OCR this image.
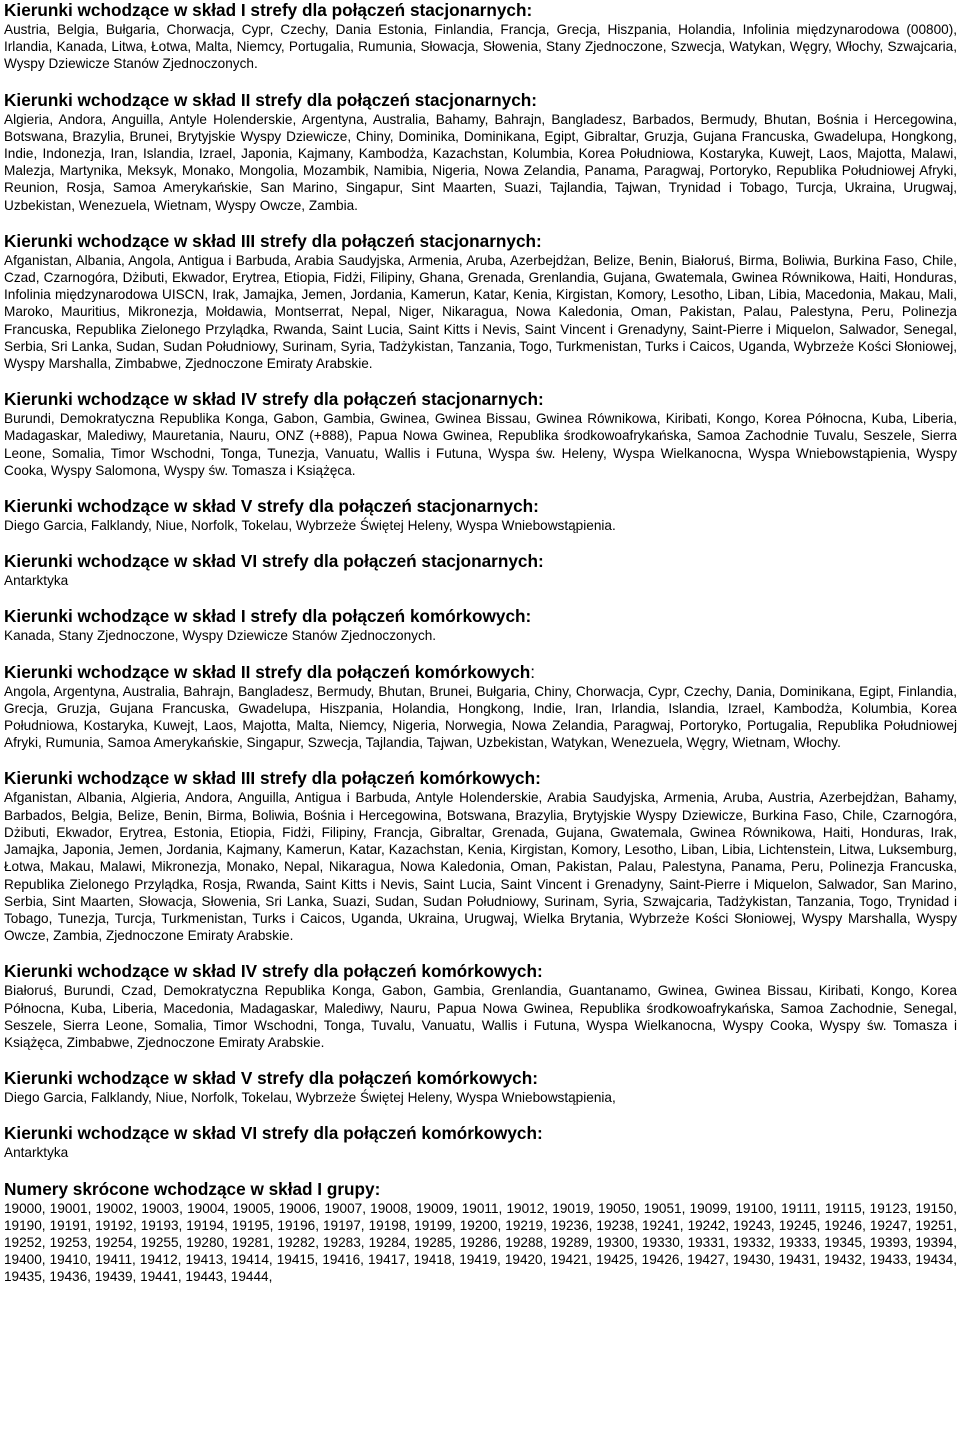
Kierunki wchodzące w skład I strefy dla połączeń stacjonarnych:

Austria, Belgia, Bułgaria, Chorwacja, Cypr, Czechy, Dania Estonia, Finlandia, Francja, Grecja, Hiszpania, Holandia, Infolinia międzynarodowa (00800), Irlandia, Kanada, Litwa, Łotwa, Malta, Niemcy, Portugalia, Rumunia, Słowacja, Słowenia, Stany Zjednoczone, Szwecja, Watykan, Węgry, Włochy, Szwajcaria, Wyspy Dziewicze Stanów Zjednoczonych.

Kierunki wchodzące w skład II strefy dla połączeń stacjonarnych:

Algieria, Andora, Anguilla, Antyle Holenderskie, Argentyna, Australia, Bahamy, Bahrajn, Bangladesz, Barbados, Bermudy, Bhutan, Bośnia i Hercegowina, Botswana, Brazylia, Brunei, Brytyjskie Wyspy Dziewicze, Chiny, Dominika, Dominikana, Egipt, Gibraltar, Gruzja, Gujana Francuska, Gwadelupa, Hongkong, Indie, Indonezja, Iran, Islandia, Izrael, Japonia, Kajmany, Kambodża, Kazachstan, Kolumbia, Korea Południowa, Kostaryka, Kuwejt, Laos, Majotta, Malawi, Malezja, Martynika, Meksyk, Monako, Mongolia, Mozambik, Namibia, Nigeria, Nowa Zelandia, Panama, Paragwaj, Portoryko, Republika Południowej Afryki, Reunion, Rosja, Samoa Amerykańskie, San Marino, Singapur, Sint Maarten, Suazi, Tajlandia, Tajwan, Trynidad i Tobago, Turcja, Ukraina, Urugwaj, Uzbekistan, Wenezuela, Wietnam, Wyspy Owcze, Zambia.

Kierunki wchodzące w skład III strefy dla połączeń stacjonarnych:

Afganistan, Albania, Angola, Antigua i Barbuda, Arabia Saudyjska, Armenia, Aruba, Azerbejdżan, Belize, Benin, Białoruś, Birma, Boliwia, Burkina Faso, Chile, Czad, Czarnogóra, Dżibuti, Ekwador, Erytrea, Etiopia, Fidżi, Filipiny, Ghana, Grenada, Grenlandia, Gujana, Gwatemala, Gwinea Równikowa, Haiti, Honduras, Infolinia międzynarodowa UISCN, Irak, Jamajka, Jemen, Jordania, Kamerun, Katar, Kenia, Kirgistan, Komory, Lesotho, Liban, Libia, Macedonia, Makau, Mali, Maroko, Mauritius, Mikronezja, Mołdawia, Montserrat, Nepal, Niger, Nikaragua, Nowa Kaledonia, Oman, Pakistan, Palau, Palestyna, Peru, Polinezja Francuska, Republika Zielonego Przylądka, Rwanda, Saint Lucia, Saint Kitts i Nevis, Saint Vincent i Grenadyny, Saint-Pierre i Miquelon, Salwador, Senegal, Serbia, Sri Lanka, Sudan, Sudan Południowy, Surinam, Syria, Tadżykistan, Tanzania, Togo, Turkmenistan, Turks i Caicos, Uganda, Wybrzeże Kości Słoniowej, Wyspy Marshalla, Zimbabwe, Zjednoczone Emiraty Arabskie.

Kierunki wchodzące w skład IV strefy dla połączeń stacjonarnych:

Burundi, Demokratyczna Republika Konga, Gabon, Gambia, Gwinea, Gwinea Bissau, Gwinea Równikowa, Kiribati, Kongo, Korea Północna, Kuba, Liberia, Madagaskar, Malediwy, Mauretania, Nauru, ONZ (+888), Papua Nowa Gwinea, Republika środkowoafrykańska, Samoa Zachodnie Tuvalu, Seszele, Sierra Leone, Somalia, Timor Wschodni, Tonga, Tunezja, Vanuatu, Wallis i Futuna, Wyspa św. Heleny, Wyspa Wielkanocna, Wyspa Wniebowstąpienia, Wyspy Cooka, Wyspy Salomona, Wyspy św. Tomasza i Książęca.

Kierunki wchodzące w skład V strefy dla połączeń stacjonarnych:

Diego Garcia, Falklandy, Niue, Norfolk, Tokelau, Wybrzeże Świętej Heleny, Wyspa Wniebowstąpienia.

Kierunki wchodzące w skład VI strefy dla połączeń stacjonarnych:

Antarktyka

Kierunki wchodzące w skład I strefy dla połączeń komórkowych:

Kanada, Stany Zjednoczone, Wyspy Dziewicze Stanów Zjednoczonych.

Kierunki wchodzące w skład II strefy dla połączeń komórkowych:

Angola, Argentyna, Australia, Bahrajn, Bangladesz, Bermudy, Bhutan, Brunei, Bułgaria, Chiny, Chorwacja, Cypr, Czechy, Dania, Dominikana, Egipt, Finlandia, Grecja, Gruzja, Gujana Francuska, Gwadelupa, Hiszpania, Holandia, Hongkong, Indie, Iran, Irlandia, Islandia, Izrael, Kambodża, Kolumbia, Korea Południowa, Kostaryka, Kuwejt, Laos, Majotta, Malta, Niemcy, Nigeria, Norwegia, Nowa Zelandia, Paragwaj, Portoryko, Portugalia, Republika Południowej Afryki, Rumunia, Samoa Amerykańskie, Singapur, Szwecja, Tajlandia, Tajwan, Uzbekistan, Watykan, Wenezuela, Węgry, Wietnam, Włochy.

Kierunki wchodzące w skład III strefy dla połączeń komórkowych:

Afganistan, Albania, Algieria, Andora, Anguilla, Antigua i Barbuda, Antyle Holenderskie, Arabia Saudyjska, Armenia, Aruba, Austria, Azerbejdżan, Bahamy, Barbados, Belgia, Belize, Benin, Birma, Boliwia, Bośnia i Hercegowina, Botswana, Brazylia, Brytyjskie Wyspy Dziewicze, Burkina Faso, Chile, Czarnogóra, Dżibuti, Ekwador, Erytrea, Estonia, Etiopia, Fidżi, Filipiny, Francja, Gibraltar, Grenada, Gujana, Gwatemala, Gwinea Równikowa, Haiti, Honduras, Irak, Jamajka, Japonia, Jemen, Jordania, Kajmany, Kamerun, Katar, Kazachstan, Kenia, Kirgistan, Komory, Lesotho, Liban, Libia, Lichtenstein, Litwa, Luksemburg, Łotwa, Makau, Malawi, Mikronezja, Monako, Nepal, Nikaragua, Nowa Kaledonia, Oman, Pakistan, Palau, Palestyna, Panama, Peru, Polinezja Francuska, Republika Zielonego Przylądka, Rosja, Rwanda, Saint Kitts i Nevis, Saint Lucia, Saint Vincent i Grenadyny, Saint-Pierre i Miquelon, Salwador, San Marino, Serbia, Sint Maarten, Słowacja, Słowenia, Sri Lanka, Suazi, Sudan, Sudan Południowy, Surinam, Syria, Szwajcaria, Tadżykistan, Tanzania, Togo, Trynidad i Tobago, Tunezja, Turcja, Turkmenistan, Turks i Caicos, Uganda, Ukraina, Urugwaj, Wielka Brytania, Wybrzeże Kości Słoniowej, Wyspy Marshalla, Wyspy Owcze, Zambia, Zjednoczone Emiraty Arabskie.

Kierunki wchodzące w skład IV strefy dla połączeń komórkowych:

Białoruś, Burundi, Czad, Demokratyczna Republika Konga, Gabon, Gambia, Grenlandia, Guantanamo, Gwinea, Gwinea Bissau, Kiribati, Kongo, Korea Północna, Kuba, Liberia, Macedonia, Madagaskar, Malediwy, Nauru, Papua Nowa Gwinea, Republika środkowoafrykańska, Samoa Zachodnie, Senegal, Seszele, Sierra Leone, Somalia, Timor Wschodni, Tonga, Tuvalu, Vanuatu, Wallis i Futuna, Wyspa Wielkanocna, Wyspy Cooka, Wyspy św. Tomasza i Książęca, Zimbabwe, Zjednoczone Emiraty Arabskie.

Kierunki wchodzące w skład V strefy dla połączeń komórkowych:

Diego Garcia, Falklandy, Niue, Norfolk, Tokelau, Wybrzeże Świętej Heleny, Wyspa Wniebowstąpienia,

Kierunki wchodzące w skład VI strefy dla połączeń komórkowych:

Antarktyka

Numery skrócone wchodzące w skład I grupy:

19000, 19001, 19002, 19003, 19004, 19005, 19006, 19007, 19008, 19009, 19011, 19012, 19019, 19050, 19051, 19099, 19100, 19111, 19115, 19123, 19150, 19190, 19191, 19192, 19193, 19194, 19195, 19196, 19197, 19198, 19199, 19200, 19219, 19236, 19238, 19241, 19242, 19243, 19245, 19246, 19247, 19251, 19252, 19253, 19254, 19255, 19280, 19281, 19282, 19283, 19284, 19285, 19286, 19288, 19289, 19300, 19330, 19331, 19332, 19333, 19345, 19393, 19394, 19400, 19410, 19411, 19412, 19413, 19414, 19415, 19416, 19417, 19418, 19419, 19420, 19421, 19425, 19426, 19427, 19430, 19431, 19432, 19433, 19434, 19435, 19436, 19439, 19441, 19443, 19444,
